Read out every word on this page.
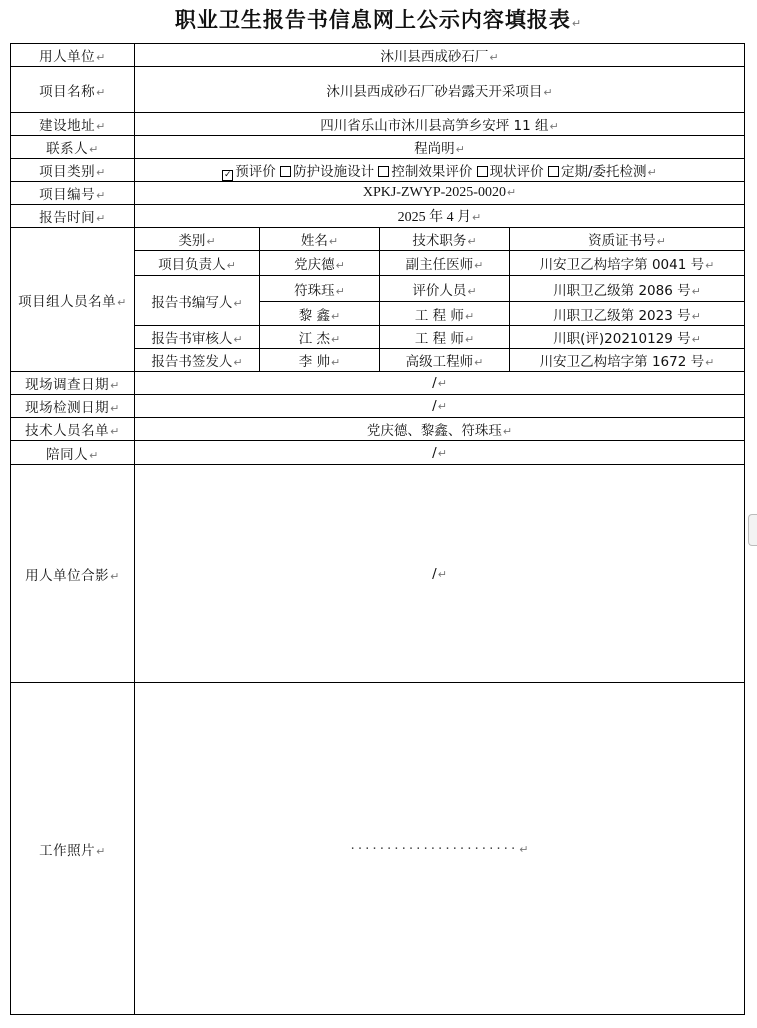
职业卫生报告书信息网上公示内容填报表↵
用人单位↵	沐川县西成砂石厂↵			
项目名称↵	沐川县西成砂石厂砂岩露天开采项目↵			
建设地址↵	四川省乐山市沐川县高笋乡安坪 11 组↵			
联系人↵	程尚明↵			
项目类别↵	✓预评价 防护设施设计 控制效果评价 现状评价 定期/委托检测↵
项目编号↵	XPKJ-ZWYP-2025-0020↵			
报告时间↵	2025 年 4 月↵			
项目组人员名单↵	类别↵	姓名↵	技术职务↵	资质证书号↵
	项目负责人↵	党庆德↵	副主任医师↵	川安卫乙构培字第 0041 号↵
	报告书编写人↵	符珠珏↵	评价人员↵	川职卫乙级第 2086 号↵
		黎 鑫↵	工 程 师↵	川职卫乙级第 2023 号↵
	报告书审核人↵	江 杰↵	工 程 师↵	川职(评)20210129 号↵
	报告书签发人↵	李 帅↵	高级工程师↵	川安卫乙构培字第 1672 号↵
现场调查日期↵	/↵			
现场检测日期↵	/↵			
技术人员名单↵	党庆德、黎鑫、符珠珏↵			
陪同人↵	/↵			
用人单位合影↵	/↵			
工作照片↵	·······················↵			
